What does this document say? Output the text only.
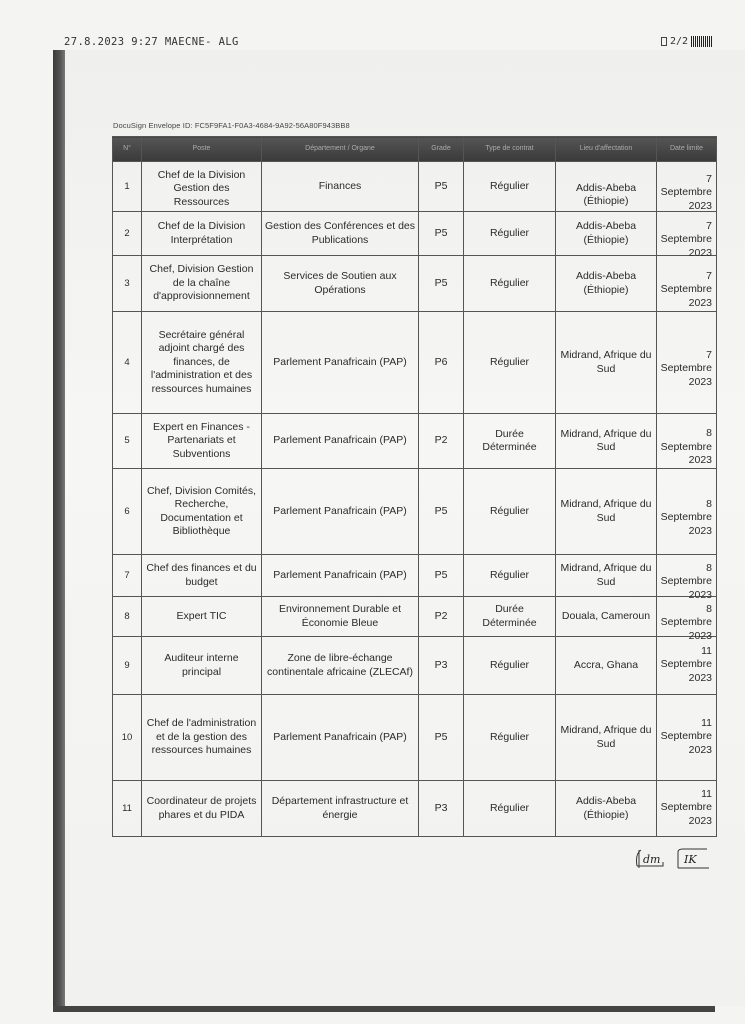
27.8.2023 9:27 MAECNE- ALG	2/2
DocuSign Envelope ID: FC5F9FA1-F0A3-4684-9A92-56A80F943BB8
N°	Poste	Département / Organe	Grade	Type de contrat	Lieu d'affectation	Date limite
1	Chef de la Division Gestion des Ressources	Finances	P5	Régulier	Addis-Abeba (Éthiopie)	7 Septembre 2023

2	Chef de la Division Interprétation	Gestion des Conférences et des Publications	P5	Régulier	Addis-Abeba (Éthiopie)	7 Septembre 2023

3	Chef, Division Gestion de la chaîne d'approvisionnement	Services de Soutien aux Opérations	P5	Régulier	Addis-Abeba (Éthiopie)	7 Septembre 2023

4	Secrétaire général adjoint chargé des finances, de l'administration et des ressources humaines	Parlement Panafricain (PAP)	P6	Régulier	Midrand, Afrique du Sud	7 Septembre 2023

5	Expert en Finances - Partenariats et Subventions	Parlement Panafricain (PAP)	P2	Durée Déterminée	Midrand, Afrique du Sud	8 Septembre 2023

6	Chef, Division Comités, Recherche, Documentation et Bibliothèque	Parlement Panafricain (PAP)	P5	Régulier	Midrand, Afrique du Sud	8 Septembre 2023

7	Chef des finances et du budget	Parlement Panafricain (PAP)	P5	Régulier	Midrand, Afrique du Sud	8 Septembre 2023

8	Expert TIC	Environnement Durable et Économie Bleue	P2	Durée Déterminée	Douala, Cameroun	8 Septembre 2023

9	Auditeur interne principal	Zone de libre-échange continentale africaine (ZLECAf)	P3	Régulier	Accra, Ghana	11 Septembre 2023

10	Chef de l'administration et de la gestion des ressources humaines	Parlement Panafricain (PAP)	P5	Régulier	Midrand, Afrique du Sud	11 Septembre 2023

11	Coordinateur de projets phares et du PIDA	Département infrastructure et énergie	P3	Régulier	Addis-Abeba (Éthiopie)	11 Septembre 2023
dm IK
